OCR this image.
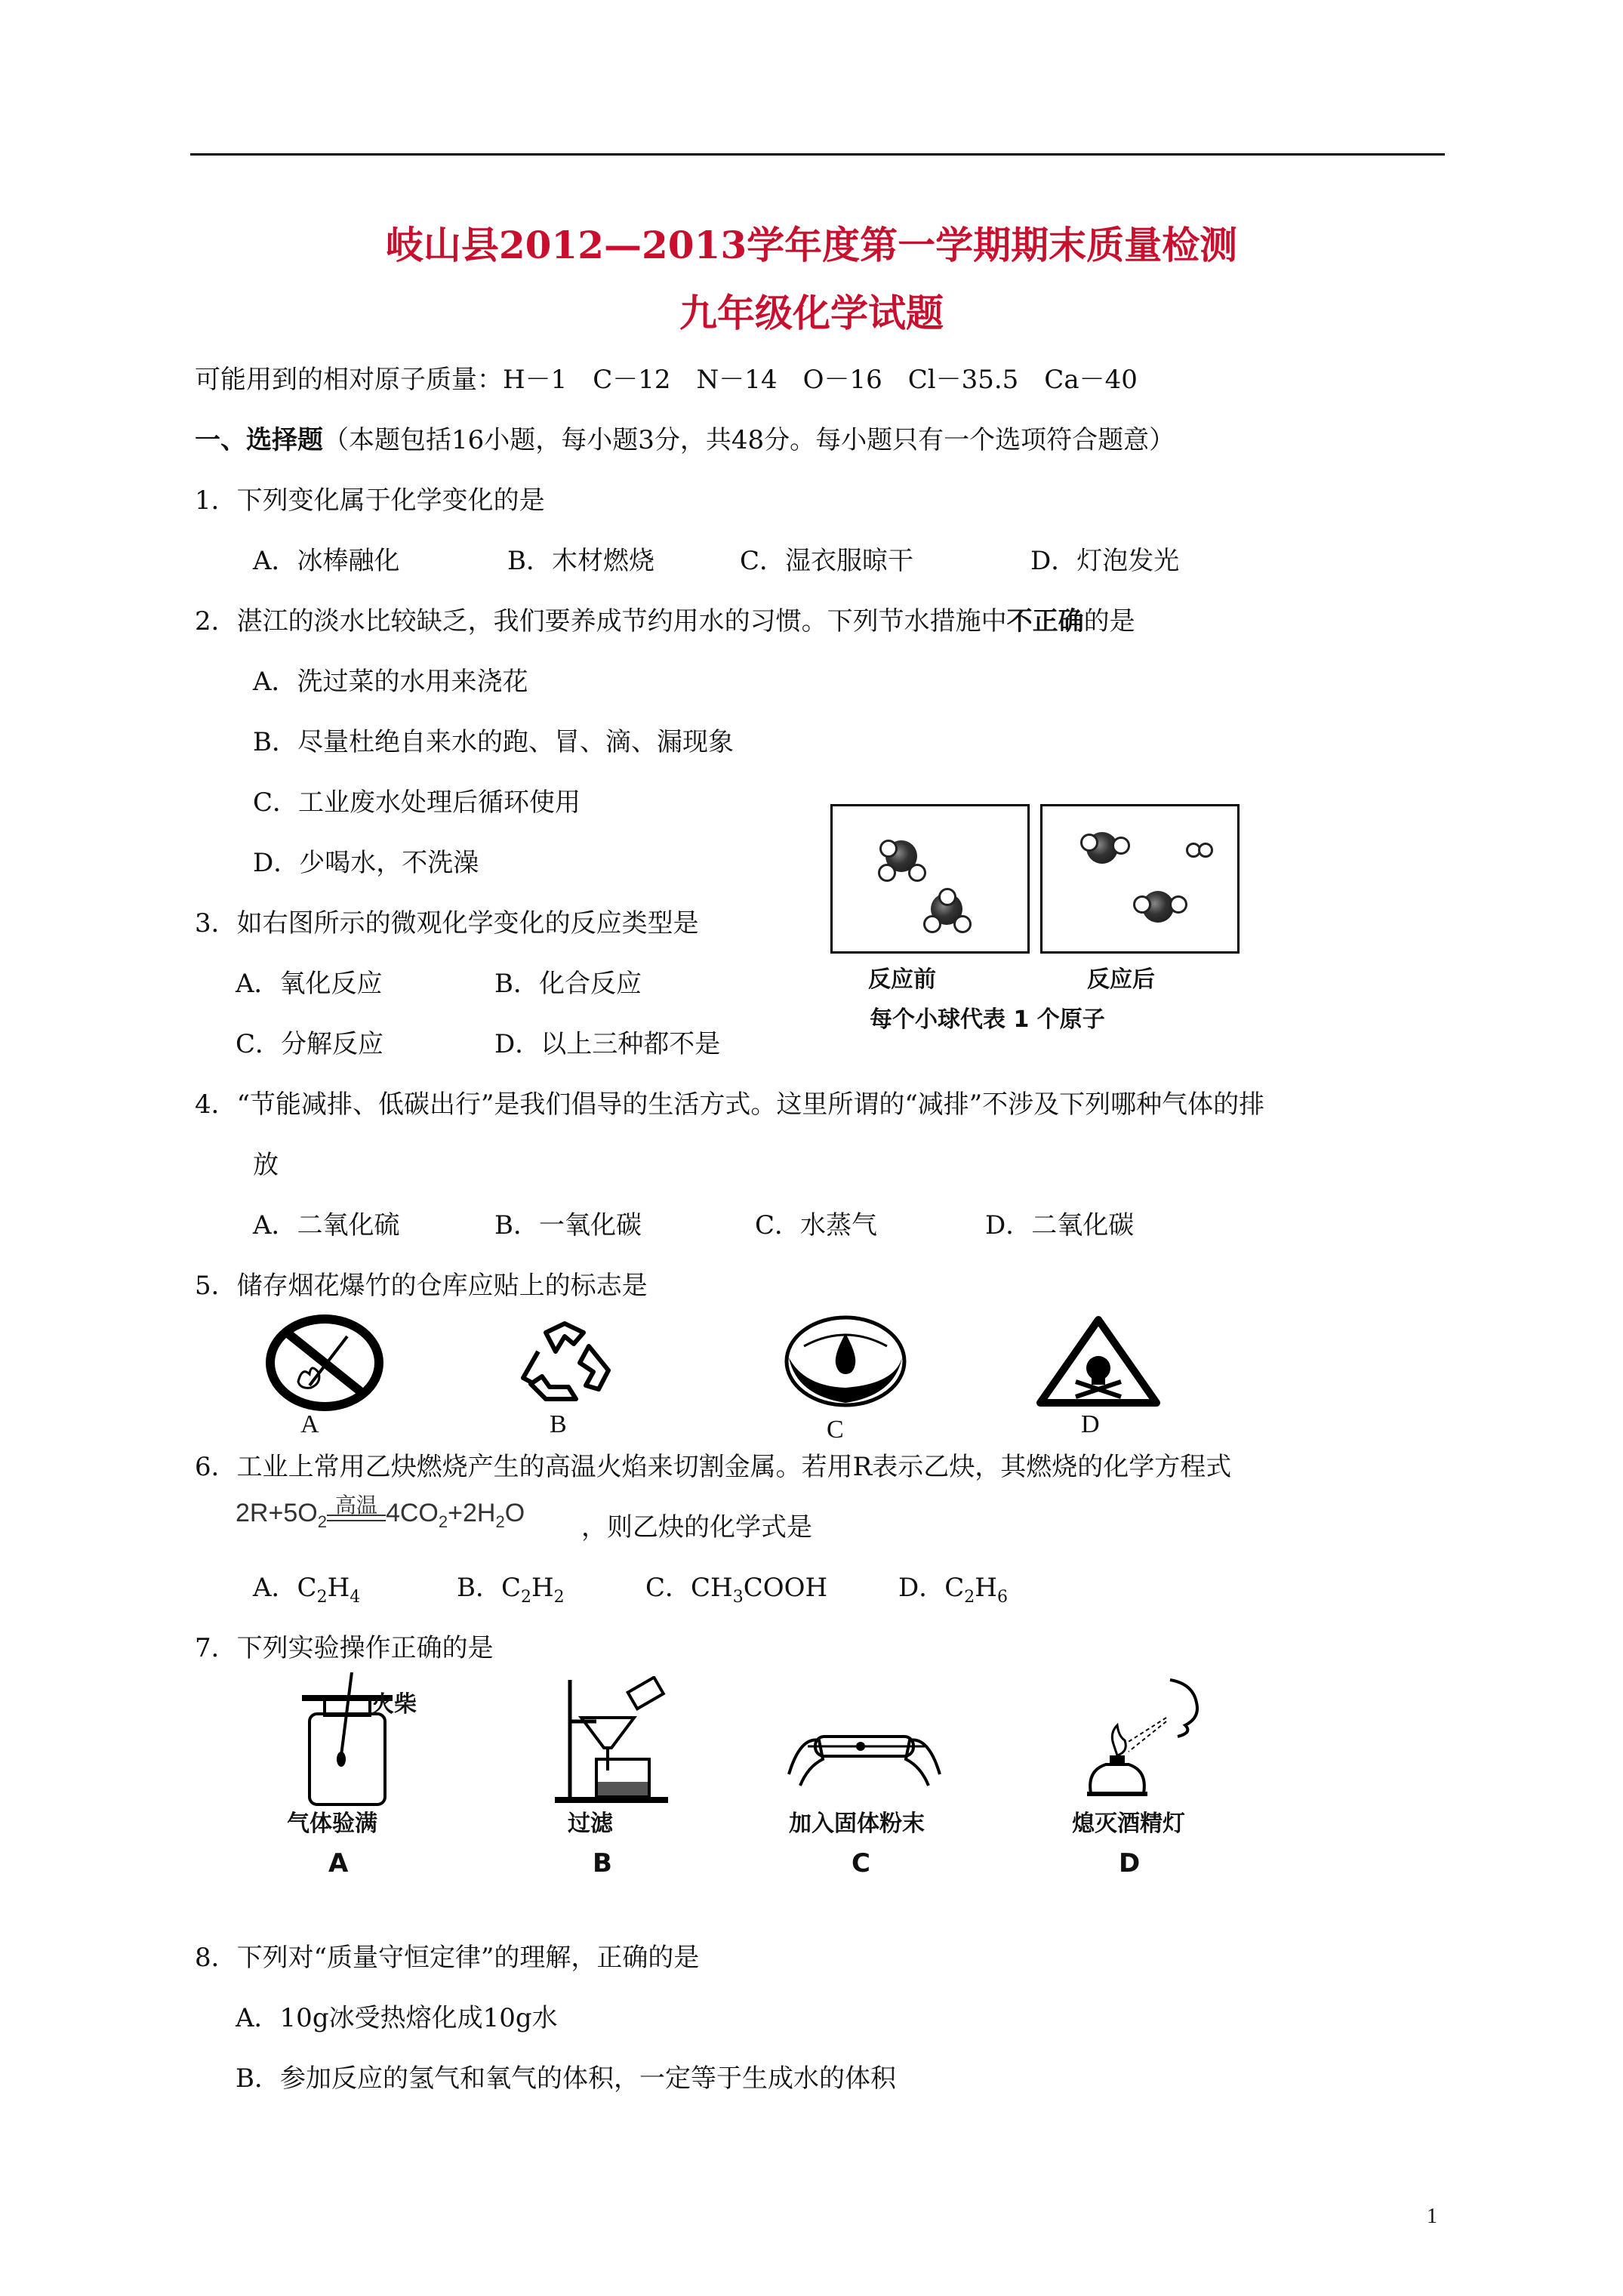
岐山县2012—2013学年度第一学期期末质量检测
九年级化学试题
可能用到的相对原子质量：H－1　C－12　N－14　O－16　Cl－35.5　Ca－40
一、选择题（本题包括16小题，每小题3分，共48分。每小题只有一个选项符合题意）
1．下列变化属于化学变化的是
A．冰棒融化	B．木材燃烧	C．湿衣服晾干	D．灯泡发光
2．湛江的淡水比较缺乏，我们要养成节约用水的习惯。下列节水措施中不正确的是
A．洗过菜的水用来浇花
B．尽量杜绝自来水的跑、冒、滴、漏现象
C．工业废水处理后循环使用
D．少喝水，不洗澡
反应前	反应后
每个小球代表 1 个原子
3．如右图所示的微观化学变化的反应类型是
A．氧化反应	B．化合反应
C．分解反应	D．以上三种都不是
4．“节能减排、低碳出行”是我们倡导的生活方式。这里所谓的“减排”不涉及下列哪种气体的排
放
A．二氧化硫	B．一氧化碳	C．水蒸气	D．二氧化碳
5．储存烟花爆竹的仓库应贴上的标志是
A	B	C	D
6．工业上常用乙炔燃烧产生的高温火焰来切割金属。若用R表示乙炔，其燃烧的化学方程式
$2R+5O_2$
高温 $4CO_2+2H_2O$ ，则乙炔的化学式是
A．$C_2H_4$	B．$C_2H_2$	C．$CH_3COOH$	D．$C_2H_6$
7．下列实验操作正确的是
火柴
气体验满
A
过滤
B
加入固体粉末
C
熄灭酒精灯
D
8．下列对“质量守恒定律”的理解，正确的是
A．10g冰受热熔化成10g水
B．参加反应的氢气和氧气的体积，一定等于生成水的体积
1
